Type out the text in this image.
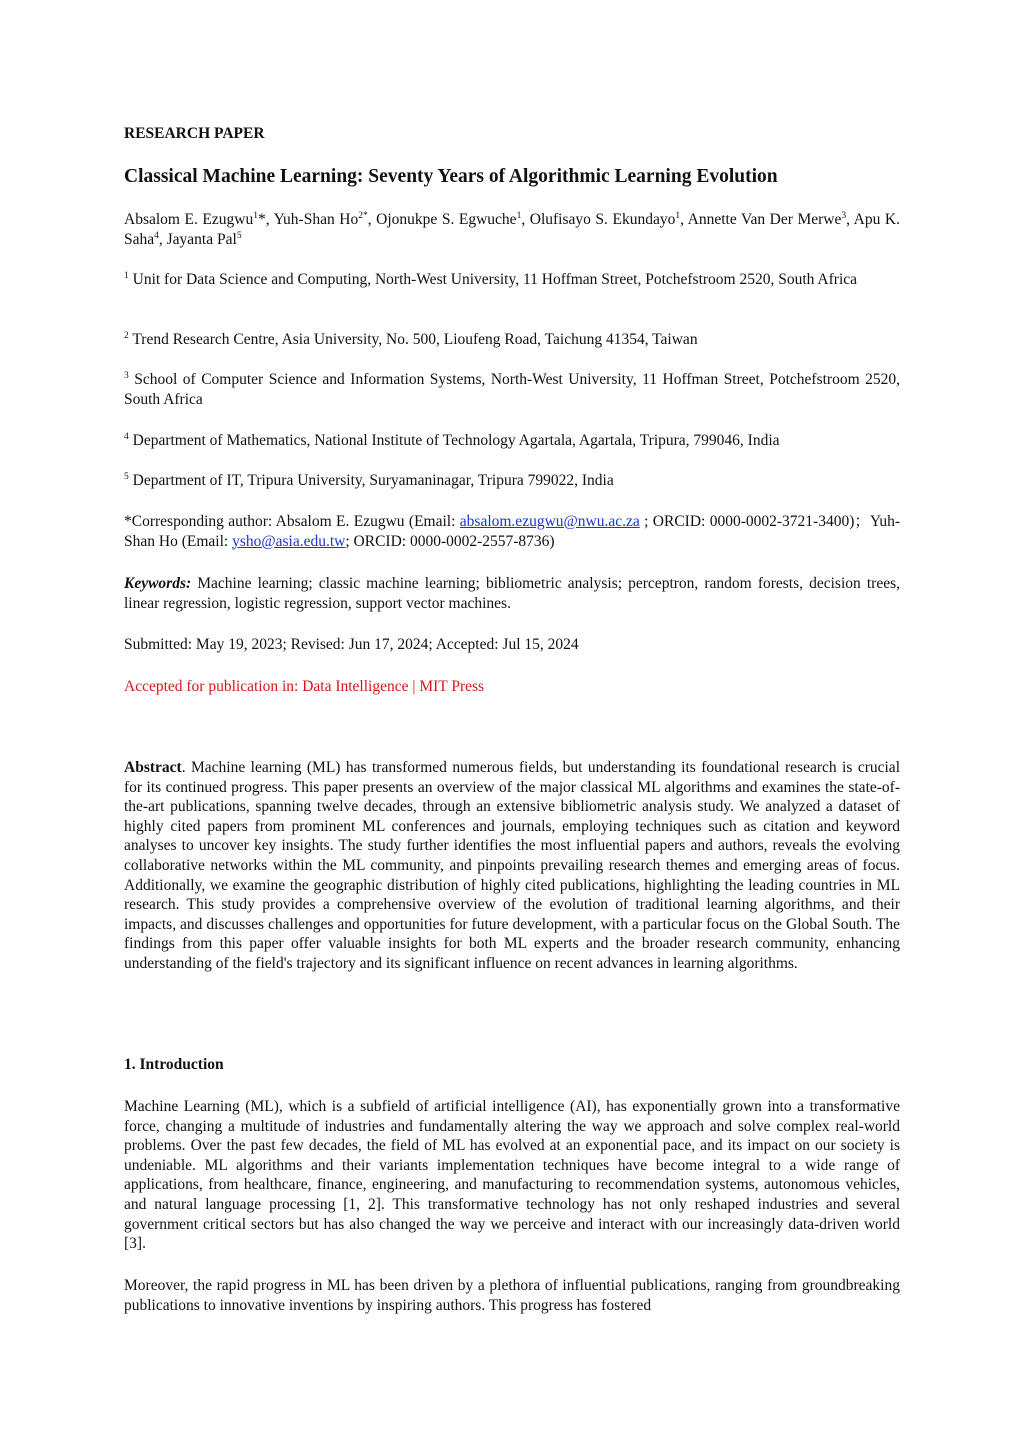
RESEARCH PAPER
Classical Machine Learning: Seventy Years of Algorithmic Learning Evolution
Absalom E. Ezugwu$^1$*, Yuh-Shan $Ho^{2*}$, Ojonukpe S. Egwuche$^1$, Olufisayo S. Ekundayo$^1$, Annette Van Der Merwe$^3$, Apu K. Saha$^4$, Jayanta Pal$^5$
$^1$ Unit for Data Science and Computing, North-West University, 11 Hoffman Street, Potchefstroom 2520, South Africa
$^2$ Trend Research Centre, Asia University, No. 500, Lioufeng Road, Taichung 41354, Taiwan
$^3$ School of Computer Science and Information Systems, North-West University, 11 Hoffman Street, Potchefstroom 2520, South Africa
$^4$ Department of Mathematics, National Institute of Technology Agartala, Agartala, Tripura, 799046, India
$^5$ Department of IT, Tripura University, Suryamaninagar, Tripura 799022, India
*Corresponding author: Absalom E. Ezugwu (Email: absalom.ezugwu@nwu.ac.za ; ORCID: 0000-0002-3721-3400)；Yuh-Shan Ho (Email: ysho@asia.edu.tw; ORCID: 0000-0002-2557-8736)
Keywords: Machine learning; classic machine learning; bibliometric analysis; perceptron, random forests, decision trees, linear regression, logistic regression, support vector machines.
Submitted: May 19, 2023; Revised: Jun 17, 2024; Accepted: Jul 15, 2024
Accepted for publication in: Data Intelligence | MIT Press
Abstract. Machine learning (ML) has transformed numerous fields, but understanding its foundational research is crucial for its continued progress. This paper presents an overview of the major classical ML algorithms and examines the state-of-the-art publications, spanning twelve decades, through an extensive bibliometric analysis study. We analyzed a dataset of highly cited papers from prominent ML conferences and journals, employing techniques such as citation and keyword analyses to uncover key insights. The study further identifies the most influential papers and authors, reveals the evolving collaborative networks within the ML community, and pinpoints prevailing research themes and emerging areas of focus. Additionally, we examine the geographic distribution of highly cited publications, highlighting the leading countries in ML research. This study provides a comprehensive overview of the evolution of traditional learning algorithms, and their impacts, and discusses challenges and opportunities for future development, with a particular focus on the Global South. The findings from this paper offer valuable insights for both ML experts and the broader research community, enhancing understanding of the field's trajectory and its significant influence on recent advances in learning algorithms.
1. Introduction
Machine Learning (ML), which is a subfield of artificial intelligence (AI), has exponentially grown into a transformative force, changing a multitude of industries and fundamentally altering the way we approach and solve complex real-world problems. Over the past few decades, the field of ML has evolved at an exponential pace, and its impact on our society is undeniable. ML algorithms and their variants implementation techniques have become integral to a wide range of applications, from healthcare, finance, engineering, and manufacturing to recommendation systems, autonomous vehicles, and natural language processing [1, 2]. This transformative technology has not only reshaped industries and several government critical sectors but has also changed the way we perceive and interact with our increasingly data-driven world [3].
Moreover, the rapid progress in ML has been driven by a plethora of influential publications, ranging from groundbreaking publications to innovative inventions by inspiring authors. This progress has fostered
